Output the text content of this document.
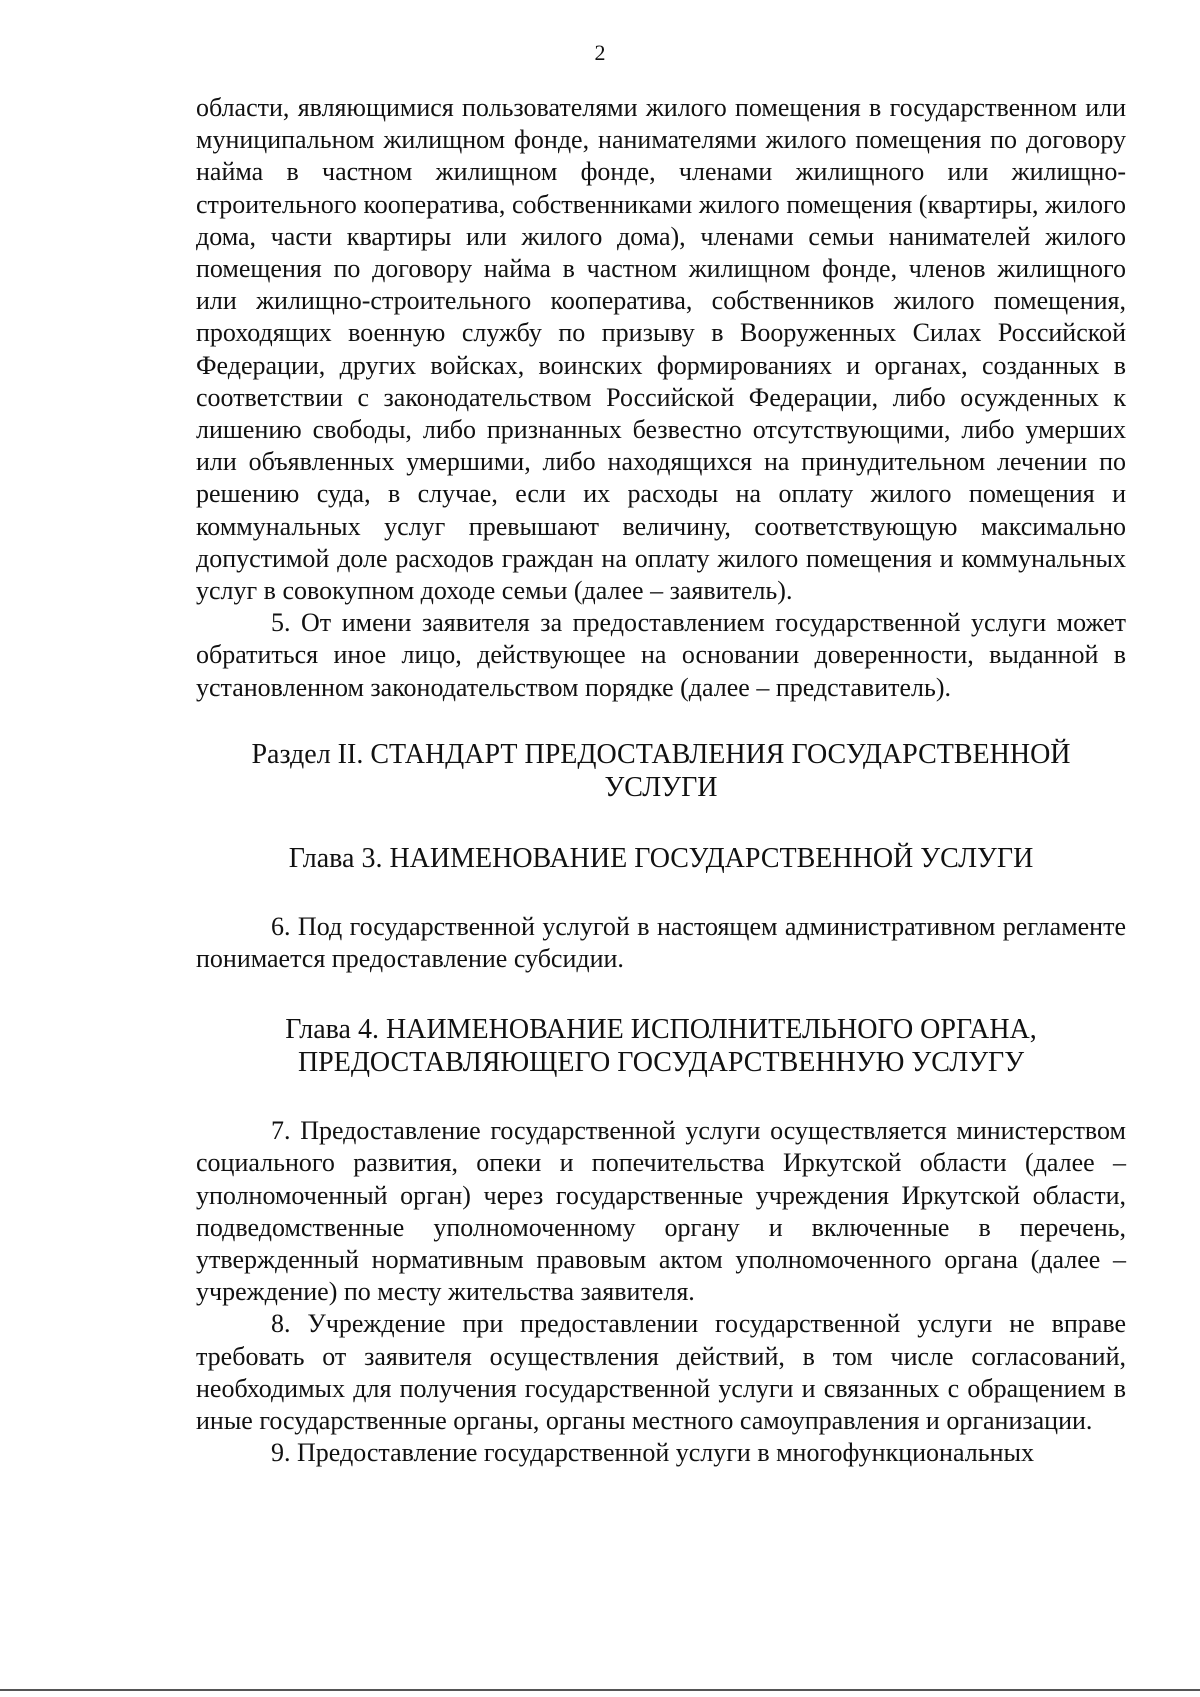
2

области, являющимися пользователями жилого помещения в государственном или муниципальном жилищном фонде, нанимателями жилого помещения по договору найма в частном жилищном фонде, членами жилищного или жилищно-строительного кооператива, собственниками жилого помещения (квартиры, жилого дома, части квартиры или жилого дома), членами семьи нанимателей жилого помещения по договору найма в частном жилищном фонде, членов жилищного или жилищно-строительного кооператива, собственников жилого помещения, проходящих военную службу по призыву в Вооруженных Силах Российской Федерации, других войсках, воинских формированиях и органах, созданных в соответствии с законодательством Российской Федерации, либо осужденных к лишению свободы, либо признанных безвестно отсутствующими, либо умерших или объявленных умершими, либо находящихся на принудительном лечении по решению суда, в случае, если их расходы на оплату жилого помещения и коммунальных услуг превышают величину, соответствующую максимально допустимой доле расходов граждан на оплату жилого помещения и коммунальных услуг в совокупном доходе семьи (далее – заявитель).

5. От имени заявителя за предоставлением государственной услуги может обратиться иное лицо, действующее на основании доверенности, выданной в установленном законодательством порядке (далее – представитель).

Раздел II. СТАНДАРТ ПРЕДОСТАВЛЕНИЯ ГОСУДАРСТВЕННОЙ

УСЛУГИ

Глава 3. НАИМЕНОВАНИЕ ГОСУДАРСТВЕННОЙ УСЛУГИ

6. Под государственной услугой в настоящем административном регламенте понимается предоставление субсидии.

Глава 4. НАИМЕНОВАНИЕ ИСПОЛНИТЕЛЬНОГО ОРГАНА,

ПРЕДОСТАВЛЯЮЩЕГО ГОСУДАРСТВЕННУЮ УСЛУГУ

7. Предоставление государственной услуги осуществляется министерством социального развития, опеки и попечительства Иркутской области (далее – уполномоченный орган) через государственные учреждения Иркутской области, подведомственные уполномоченному органу и включенные в перечень, утвержденный нормативным правовым актом уполномоченного органа (далее – учреждение) по месту жительства заявителя.

8. Учреждение при предоставлении государственной услуги не вправе требовать от заявителя осуществления действий, в том числе согласований, необходимых для получения государственной услуги и связанных с обращением в иные государственные органы, органы местного самоуправления и организации.

9. Предоставление государственной услуги в многофункциональных
